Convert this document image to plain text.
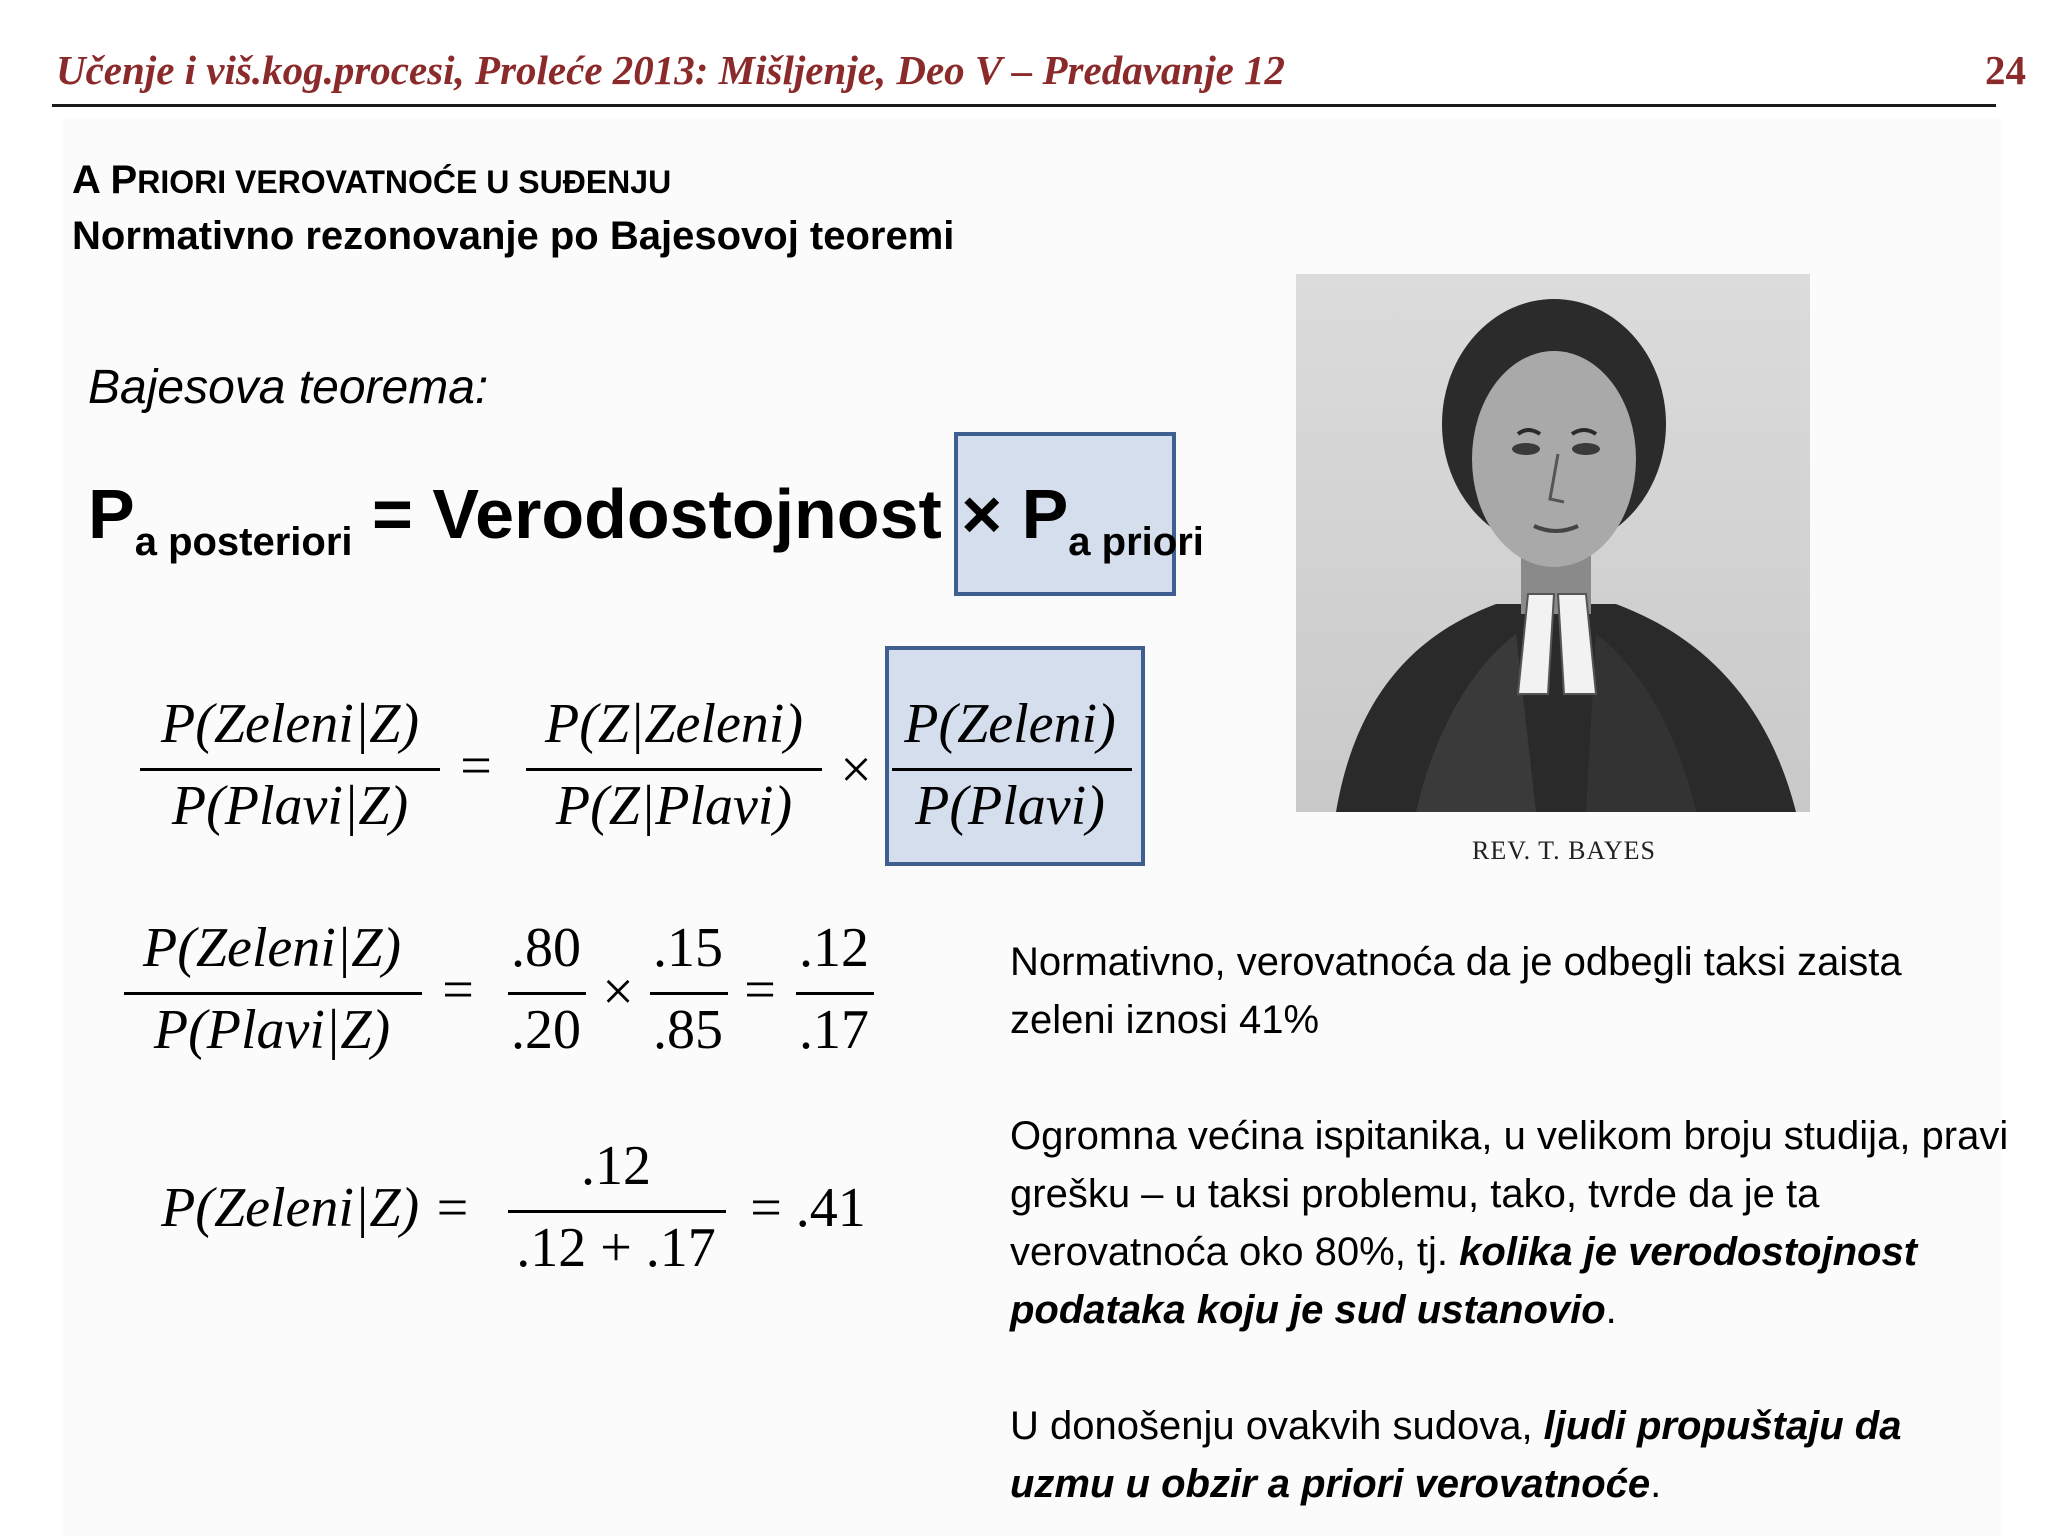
Učenje i viš.kog.procesi, Proleće 2013: Mišljenje, Deo V – Predavanje 12	24
A PRIORI VEROVATNOĆE U SUĐENJU
Normativno rezonovanje po Bajesovoj teoremi
Bajesova teorema:
$P_{a posteriori}$ = Verodostojnost × $P_{a priori}$
P(Zeleni|Z)
P(Plavi|Z)
=
P(Z|Zeleni)
P(Z|Plavi)
×
P(Zeleni)
P(Plavi)
P(Zeleni|Z)
P(Plavi|Z)
=
.80
.20
×
.15
.85
=
.12
.17
P(Zeleni|Z) =
.12
.12 + .17
= .41
REV. T. BAYES
Normativno, verovatnoća da je odbegli taksi zaista zeleni iznosi 41%
Ogromna većina ispitanika, u velikom broju studija, pravi grešku – u taksi problemu, tako, tvrde da je ta verovatnoća oko 80%, tj. kolika je verodostojnost podataka koju je sud ustanovio.
U donošenju ovakvih sudova, ljudi propuštaju da uzmu u obzir a priori verovatnoće.
